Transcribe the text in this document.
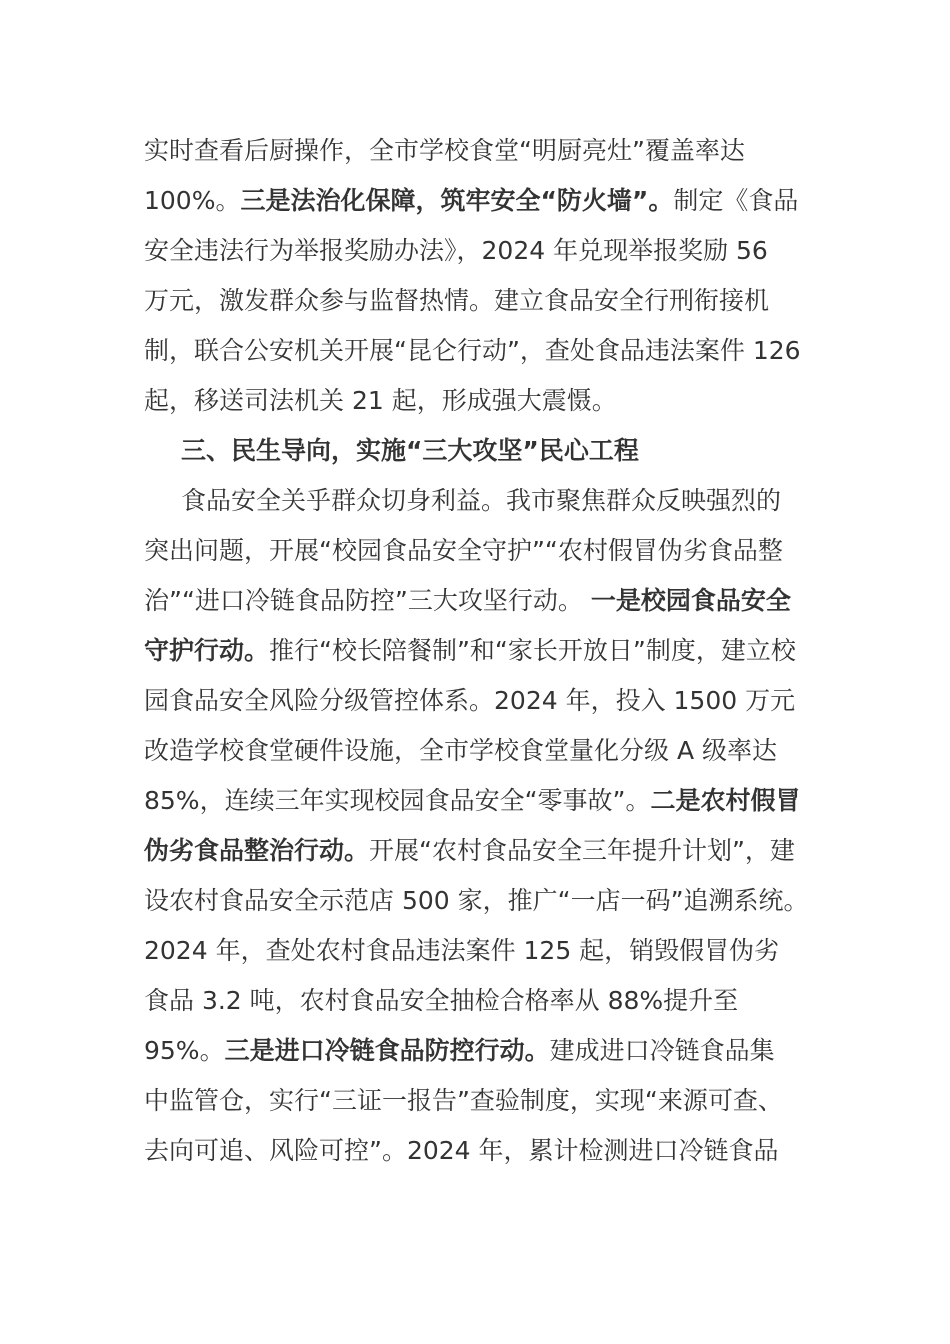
实时查看后厨操作，全市学校食堂“明厨亮灶”覆盖率达
100%。三是法治化保障，筑牢安全“防火墙”。制定《食品
安全违法行为举报奖励办法》，2024 年兑现举报奖励 56
万元，激发群众参与监督热情。建立食品安全行刑衔接机
制，联合公安机关开展“昆仑行动”，查处食品违法案件 126
起，移送司法机关 21 起，形成强大震慑。
三、民生导向，实施“三大攻坚”民心工程
食品安全关乎群众切身利益。我市聚焦群众反映强烈的
突出问题，开展“校园食品安全守护”“农村假冒伪劣食品整
治”“进口冷链食品防控”三大攻坚行动。 一是校园食品安全
守护行动。推行“校长陪餐制”和“家长开放日”制度，建立校
园食品安全风险分级管控体系。2024 年，投入 1500 万元
改造学校食堂硬件设施，全市学校食堂量化分级 A 级率达
85%，连续三年实现校园食品安全“零事故”。二是农村假冒
伪劣食品整治行动。开展“农村食品安全三年提升计划”，建
设农村食品安全示范店 500 家，推广“一店一码”追溯系统。
2024 年，查处农村食品违法案件 125 起，销毁假冒伪劣
食品 3.2 吨，农村食品安全抽检合格率从 88%提升至
95%。三是进口冷链食品防控行动。建成进口冷链食品集
中监管仓，实行“三证一报告”查验制度，实现“来源可查、
去向可追、风险可控”。2024 年，累计检测进口冷链食品
